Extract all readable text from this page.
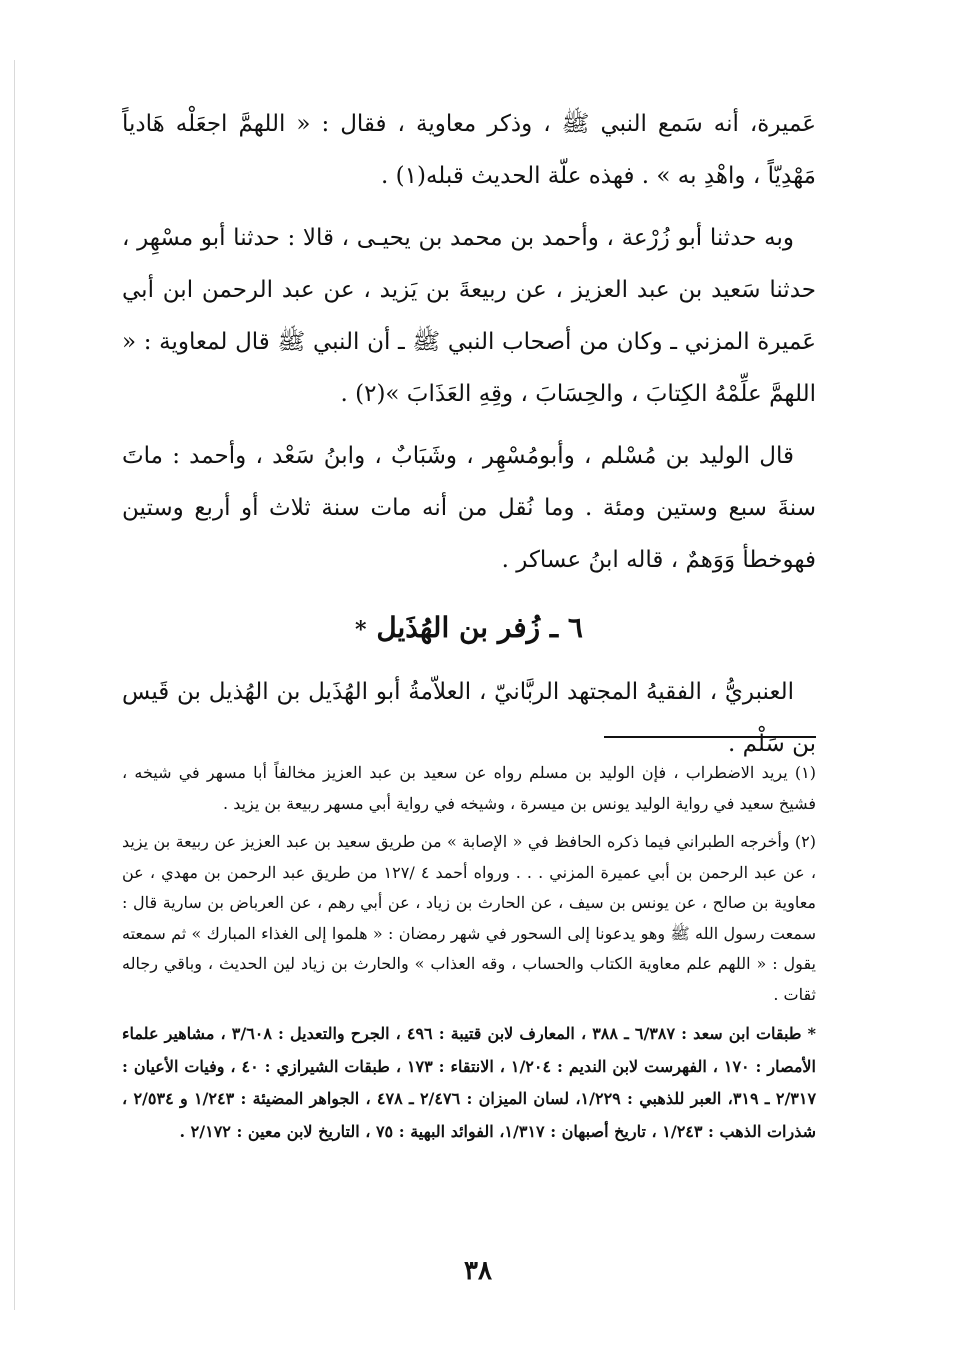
عَميرة، أنه سَمع النبي ﷺ ، وذكر معاوية ، فقال : « اللهمَّ اجعَلْه هَادياً مَهْدِيّاً ، واهْدِ به » . فهذه علّة الحديث قبله(١) .

وبه حدثنا أبو زُرْعة ، وأحمد بن محمد بن يحيـى ، قالا : حدثنا أبو مسْهِر ، حدثنا سَعيد بن عبد العزيز ، عن ربيعةَ بن يَزيد ، عن عبد الرحمن ابن أبي عَميرة المزني ـ وكان من أصحاب النبي ﷺ ـ أن النبي ﷺ قال لمعاوية : « اللهمَّ علِّمْهُ الكِتابَ ، والحِسَابَ ، وقِهِ العَذَابَ »(٢) .

قال الوليد بن مُسْلم ، وأبومُسْهِر ، وشَبَابٌ ، وابنُ سَعْد ، وأحمد : ماتَ سنةَ سبع وستين ومئة . وما نُقل من أنه مات سنة ثلاث أو أربع وستين فهوخطأ وَوَهمٌ ، قاله ابنُ عساكر .

٦ ـ زُفر بن الهُذَيل *

العنبريُّ ، الفقيهُ المجتهد الربَّانيّ ، العلاّمةُ أبو الهُذَيل بن الهُذيل بن قَيس بن سَلْم .

(١) يريد الاضطراب ، فإن الوليد بن مسلم رواه عن سعيد بن عبد العزيز مخالفاً أبا مسهر في شيخه ، فشيخ سعيد في رواية الوليد يونس بن ميسرة ، وشيخه في رواية أبي مسهر ربيعة بن يزيد .

(٢) وأخرجه الطبراني فيما ذكره الحافظ في « الإصابة » من طريق سعيد بن عبد العزيز عن ربيعة بن يزيد ، عن عبد الرحمن بن أبي عميرة المزني . . . ورواه أحمد ٤ /١٢٧ من طريق عبد الرحمن بن مهدي ، عن معاوية بن صالح ، عن يونس بن سيف ، عن الحارث بن زياد ، عن أبي رهم ، عن العرباض بن سارية قال : سمعت رسول الله ﷺ وهو يدعونا إلى السحور في شهر رمضان : « هلموا إلى الغذاء المبارك » ثم سمعته يقول : « اللهم علم معاوية الكتاب والحساب ، وقه العذاب » والحارث بن زياد لين الحديث ، وباقي رجاله ثقات .

* طبقات ابن سعد : ٦/٣٨٧ ـ ٣٨٨ ، المعارف لابن قتيبة : ٤٩٦ ، الجرح والتعديل : ٣/٦٠٨ ، مشاهير علماء الأمصار : ١٧٠ ، الفهرست لابن النديم : ١/٢٠٤ ، الانتقاء : ١٧٣ ، طبقات الشيرازي : ٤٠ ، وفيات الأعيان : ٢/٣١٧ ـ ٣١٩، العبر للذهبي : ١/٢٢٩، لسان الميزان : ٢/٤٧٦ ـ ٤٧٨ ، الجواهر المضيئة : ١/٢٤٣ و ٢/٥٣٤ ، شذرات الذهب : ١/٢٤٣ ، تاريخ أصبهان : ١/٣١٧، الفوائد البهية : ٧٥ ، التاريخ لابن معين : ٢/١٧٢ .

٣٨
